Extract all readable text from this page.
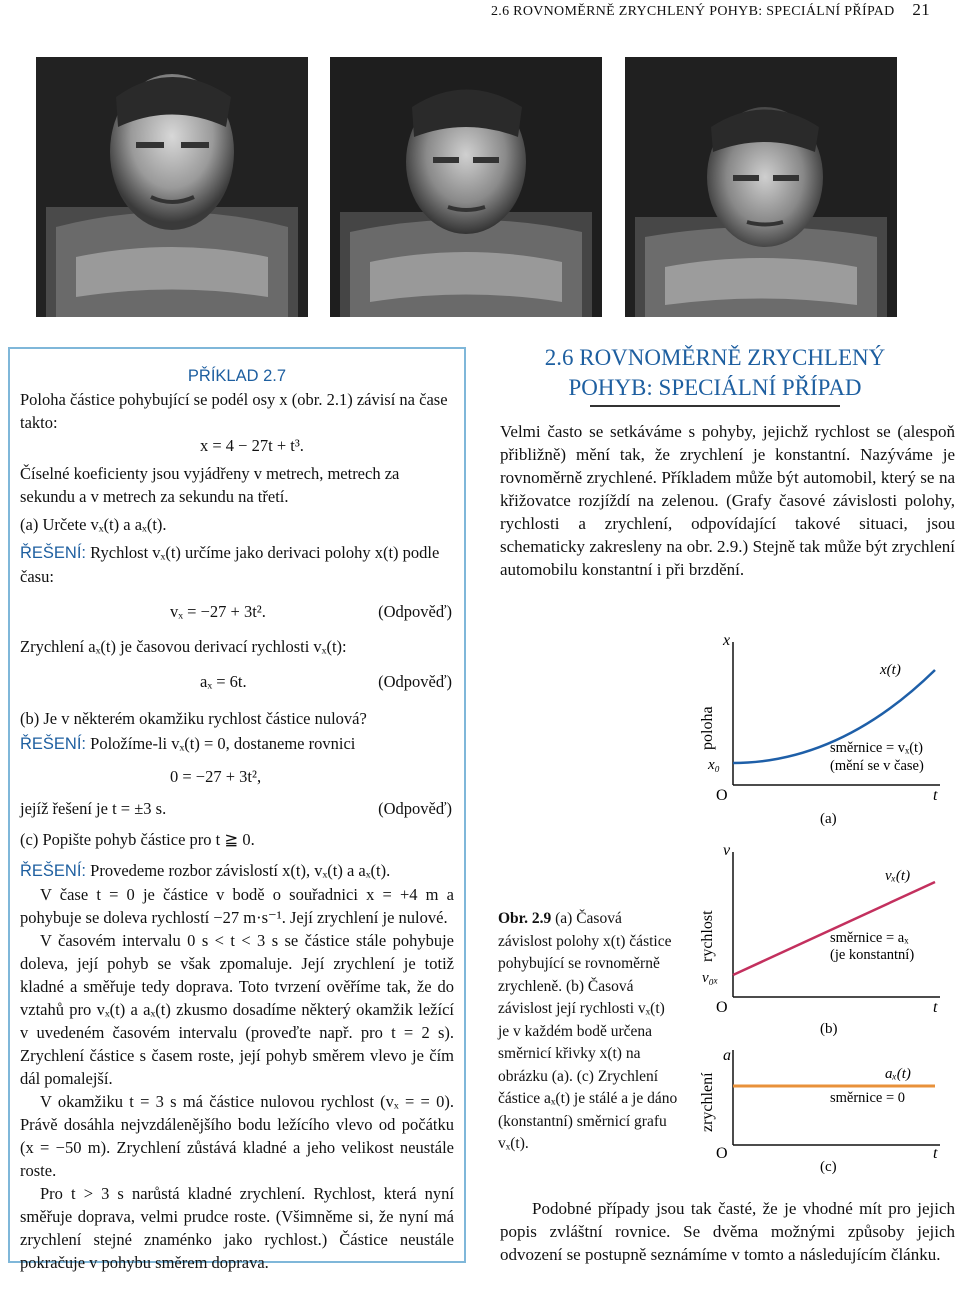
2.6 ROVNOMĚRNĚ ZRYCHLENÝ POHYB: SPECIÁLNÍ PŘÍPAD 21

PŘÍKLAD 2.7

Poloha částice pohybující se podél osy x (obr. 2.1) závisí na čase takto:

x = 4 − 27t + t³.

Číselné koeficienty jsou vyjádřeny v metrech, metrech za sekundu a v metrech za sekundu na třetí.

(a) Určete vₓ(t) a aₓ(t).

ŘEŠENÍ: Rychlost vₓ(t) určíme jako derivaci polohy x(t) podle času:

vₓ = −27 + 3t².	(Odpověď)

Zrychlení aₓ(t) je časovou derivací rychlosti vₓ(t):

aₓ = 6t.	(Odpověď)

(b) Je v některém okamžiku rychlost částice nulová?

ŘEŠENÍ: Položíme-li vₓ(t) = 0, dostaneme rovnici

0 = −27 + 3t²,
jejíž řešení je t = ±3 s.	(Odpověď)

(c) Popište pohyb částice pro t ≧ 0.

ŘEŠENÍ: Provedeme rozbor závislostí x(t), vₓ(t) a aₓ(t).

V čase t = 0 je částice v bodě o souřadnici x = +4 m a pohybuje se doleva rychlostí −27 m·s⁻¹. Její zrychlení je nulové.

V časovém intervalu 0 s < t < 3 s se částice stále pohybuje doleva, její pohyb se však zpomaluje. Její zrychlení je totiž kladné a směřuje tedy doprava. Toto tvrzení ověříme tak, že do vztahů pro vₓ(t) a aₓ(t) zkusmo dosadíme některý okamžik ležící v uvedeném časovém intervalu (proveďte např. pro t = 2 s). Zrychlení částice s časem roste, její pohyb směrem vlevo je čím dál pomalejší.

V okamžiku t = 3 s má částice nulovou rychlost (vₓ = = 0). Právě dosáhla nejvzdálenějšího bodu ležícího vlevo od počátku (x = −50 m). Zrychlení zůstává kladné a jeho velikost neustále roste.

Pro t > 3 s narůstá kladné zrychlení. Rychlost, která nyní směřuje doprava, velmi prudce roste. (Všimněme si, že nyní má zrychlení stejné znaménko jako rychlost.) Částice neustále pokračuje v pohybu směrem doprava.

2.6 ROVNOMĚRNĚ ZRYCHLENÝ
POHYB: SPECIÁLNÍ PŘÍPAD
Velmi často se setkáváme s pohyby, jejichž rychlost se (alespoň přibližně) mění tak, že zrychlení je konstantní. Nazýváme je rovnoměrně zrychlené. Příkladem může být automobil, který se na křižovatce rozjíždí na zelenou. (Grafy časové závislosti polohy, rychlosti a zrychlení, odpovídající takové situaci, jsou schematicky zakresleny na obr. 2.9.) Stejně tak může být zrychlení automobilu konstantní i při brzdění.
x
poloha
x₀
O	t
x(t)
směrnice = vₓ(t)
(mění se v čase)
(a)
v
rychlost
v₀ₓ
O	t
vₓ(t)
směrnice = aₓ
(je konstantní)
(b)
a
zrychlení
O	t
aₓ(t)
směrnice = 0
(c)
Obr. 2.9 (a) Časová závislost polohy x(t) částice pohybující se rovnoměrně zrychleně. (b) Časová závislost její rychlosti vₓ(t) je v každém bodě určena směrnicí křivky x(t) na obrázku (a). (c) Zrychlení částice aₓ(t) je stálé a je dáno (konstantní) směrnicí grafu vₓ(t).
Podobné případy jsou tak časté, že je vhodné mít pro jejich popis zvláštní rovnice. Se dvěma možnými způsoby jejich odvození se postupně seznámíme v tomto a následujícím článku.
